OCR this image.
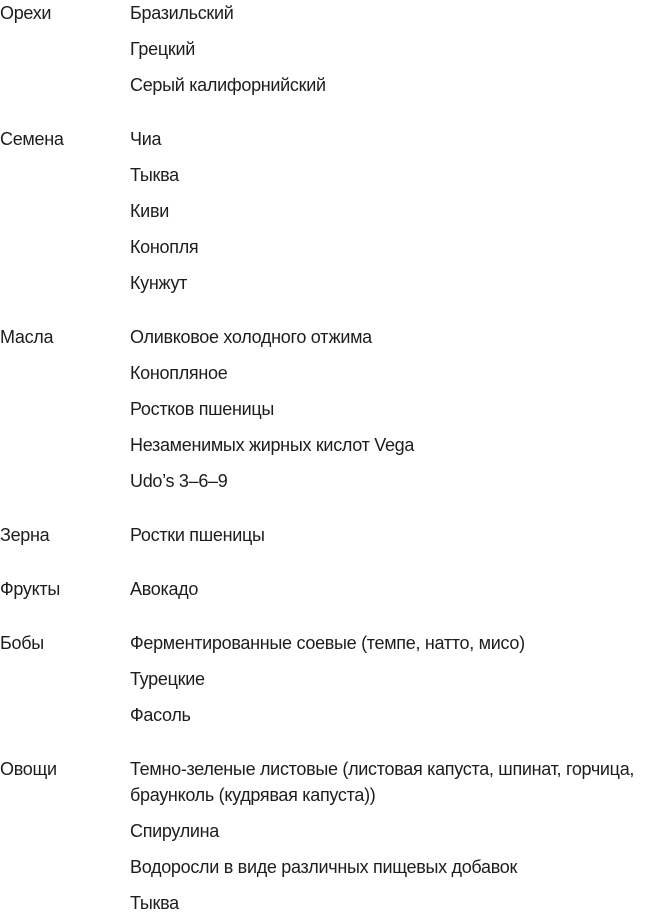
Орехи	Бразильский
Грецкий
Серый калифорнийский
Семена	Чиа
Тыква
Киви
Конопля
Кунжут
Масла	Оливковое холодного отжима
Конопляное
Ростков пшеницы
Незаменимых жирных кислот Vega
Udo’s 3–6–9
Зерна	Ростки пшеницы
Фрукты	Авокадо
Бобы	Ферментированные соевые (темпе, натто, мисо)
Турецкие
Фасоль
Овощи	Темно-зеленые листовые (листовая капуста, шпинат, горчица, браунколь (кудрявая капуста))
Спирулина
Водоросли в виде различных пищевых добавок
Тыква
